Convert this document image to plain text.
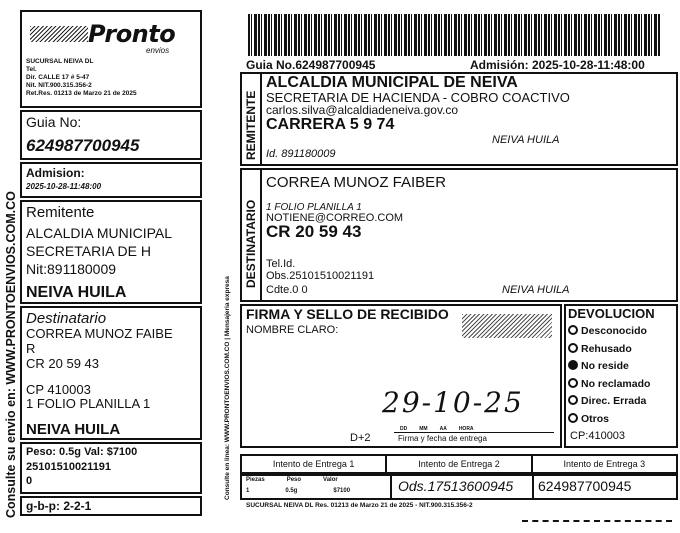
Consulte su envio en: WWW.PRONTOENVIOS.COM.CO
Pronto
envios
SUCURSAL NEIVA DL
Tel.
Dir. CALLE 17 # 5-47
Nit. NIT.900.315.356-2
Ret.Res. 01213 de Marzo 21 de 2025
Guia No:
624987700945
Admision:
2025-10-28-11:48:00
Remitente
ALCALDIA MUNICIPAL
SECRETARIA DE H
Nit:891180009
NEIVA HUILA
Destinatario
CORREA MUNOZ FAIBE
R
CR 20 59 43
CP 410003
1 FOLIO PLANILLA 1
NEIVA HUILA
Peso: 0.5g Val: $7100
25101510021191
0
g-b-p: 2-2-1
Consulte en linea: WWW.PRONTOENVIOS.COM.CO | Mensajeria expresa
Guia No.624987700945	Admisión: 2025-10-28-11:48:00
REMITENTE
ALCALDIA MUNICIPAL DE NEIVA
SECRETARIA DE HACIENDA - COBRO COACTIVO
carlos.silva@alcaldiadeneiva.gov.co
CARRERA 5 9 74
NEIVA HUILA
Id. 891180009
DESTINATARIO
CORREA MUNOZ FAIBER
1 FOLIO PLANILLA 1
NOTIENE@CORREO.COM
CR 20 59 43
Tel.Id.
Obs.25101510021191
Cdte.0 0	NEIVA HUILA
FIRMA Y SELLO DE RECIBIDO
NOMBRE CLARO:
29-10-25
D+2
DD MM AA HORA
Firma y fecha de entrega
DEVOLUCION
Desconocido
Rehusado
No reside
No reclamado
Direc. Errada
Otros
CP:410003
Intento de Entrega 1	Intento de Entrega 2	Intento de Entrega 3
Piezas	Peso	Valor
1	0.5g	$7100	Ods.17513600945 624987700945
SUCURSAL NEIVA DL Res. 01213 de Marzo 21 de 2025 - NIT.900.315.356-2
